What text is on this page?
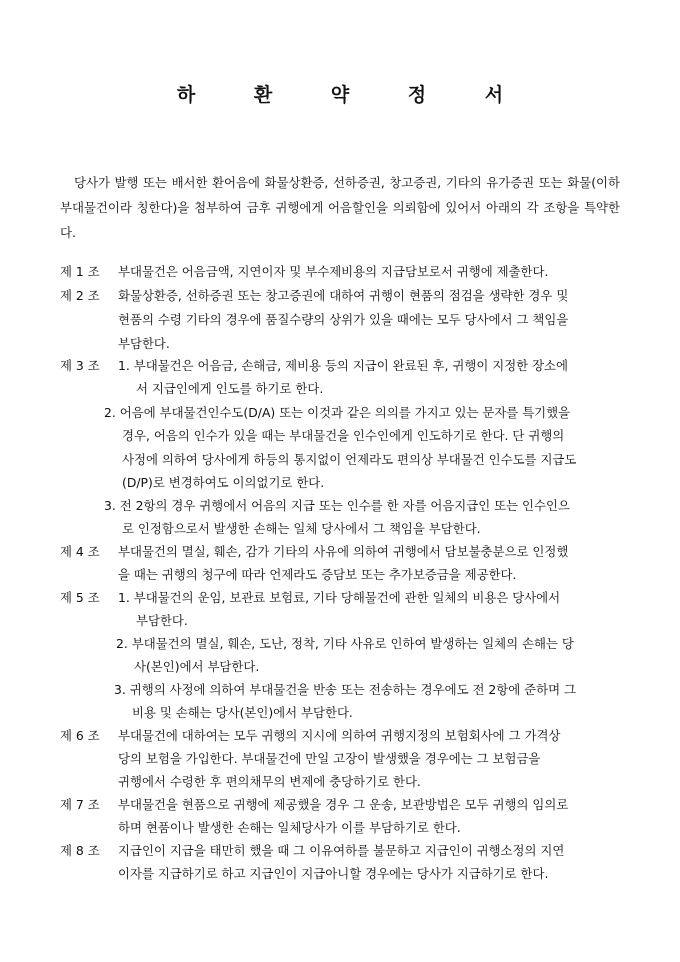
하 환 약 정 서
당사가 발행 또는 배서한 환어음에 화물상환증, 선하증권, 창고증권, 기타의 유가증권 또는 화물(이하 부대물건이라 칭한다)을 첨부하여 금후 귀행에게 어음할인을 의뢰함에 있어서 아래의 각 조항을 특약한다.
제 1 조 부대물건은 어음금액, 지연이자 및 부수제비용의 지급담보로서 귀행에 제출한다.
제 2 조 화물상환증, 선하증권 또는 창고증권에 대하여 귀행이 현품의 점검을 생략한 경우 및
현품의 수령 기타의 경우에 품질수량의 상위가 있을 때에는 모두 당사에서 그 책임을
부담한다.
제 3 조 1. 부대물건은 어음금, 손해금, 제비용 등의 지급이 완료된 후, 귀행이 지정한 장소에
서 지급인에게 인도를 하기로 한다.
2. 어음에 부대물건인수도(D/A) 또는 이것과 같은 의의를 가지고 있는 문자를 특기했을
경우, 어음의 인수가 있을 때는 부대물건을 인수인에게 인도하기로 한다. 단 귀행의
사정에 의하여 당사에게 하등의 통지없이 언제라도 편의상 부대물건 인수도를 지급도
(D/P)로 변경하여도 이의없기로 한다.
3. 전 2항의 경우 귀행에서 어음의 지급 또는 인수를 한 자를 어음지급인 또는 인수인으
로 인정함으로서 발생한 손해는 일체 당사에서 그 책임을 부담한다.
제 4 조 부대물건의 멸실, 훼손, 감가 기타의 사유에 의하여 귀행에서 담보불충분으로 인정했
을 때는 귀행의 청구에 따라 언제라도 증담보 또는 추가보증금을 제공한다.
제 5 조 1. 부대물건의 운임, 보관료 보험료, 기타 당해물건에 관한 일체의 비용은 당사에서
부담한다.
2. 부대물건의 멸실, 훼손, 도난, 정착, 기타 사유로 인하여 발생하는 일체의 손해는 당
사(본인)에서 부담한다.
3. 귀행의 사정에 의하여 부대물건을 반송 또는 전송하는 경우에도 전 2항에 준하며 그
비용 및 손해는 당사(본인)에서 부담한다.
제 6 조 부대물건에 대하여는 모두 귀행의 지시에 의하여 귀행지정의 보험회사에 그 가격상
당의 보험을 가입한다. 부대물건에 만일 고장이 발생했을 경우에는 그 보험금을
귀행에서 수령한 후 편의채무의 변제에 충당하기로 한다.
제 7 조 부대물건을 현품으로 귀행에 제공했을 경우 그 운송, 보관방법은 모두 귀행의 임의로
하며 현품이나 발생한 손해는 일체당사가 이를 부담하기로 한다.
제 8 조 지급인이 지급을 태만히 했을 때 그 이유여하를 불문하고 지급인이 귀행소정의 지연
이자를 지급하기로 하고 지급인이 지급아니할 경우에는 당사가 지급하기로 한다.
